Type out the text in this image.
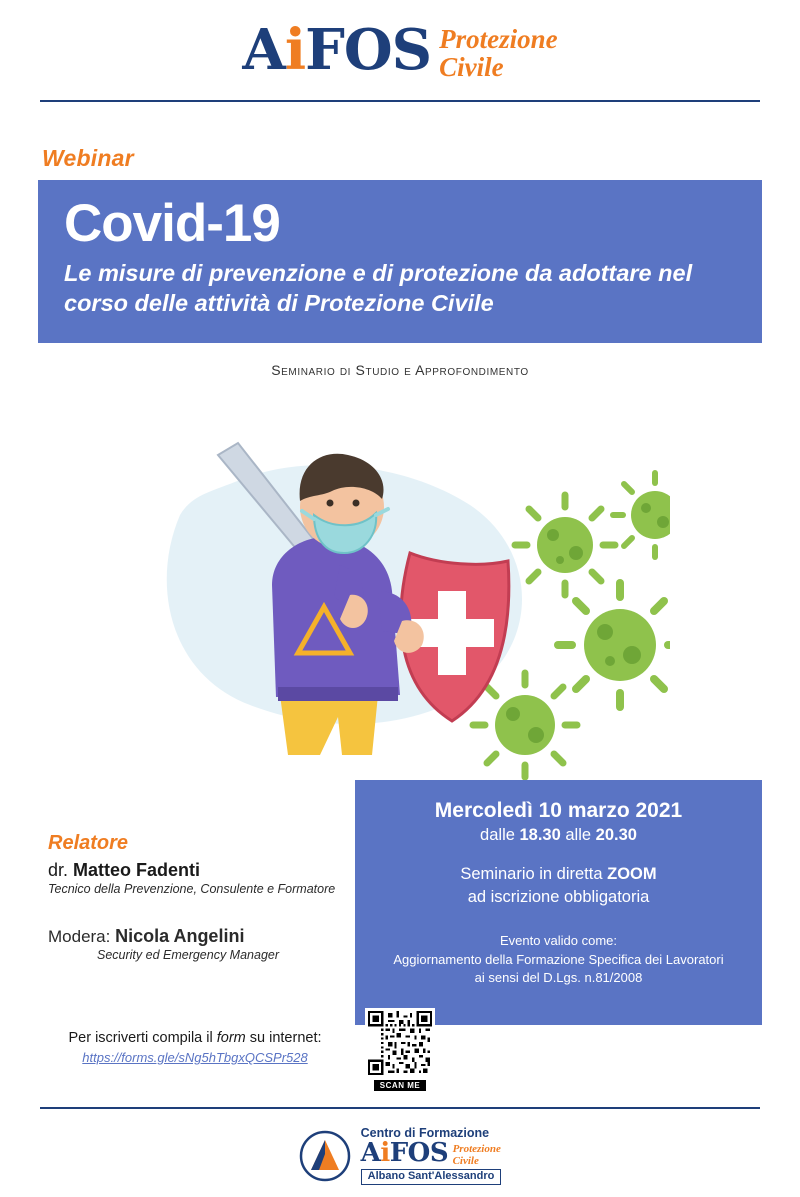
AiFOS Protezione
Civile
Webinar
Covid-19
Le misure di prevenzione e di protezione da adottare nel corso delle attività di Protezione Civile
Seminario di Studio e Approfondimento
Mercoledì 10 marzo 2021
dalle 18.30 alle 20.30
Seminario in diretta ZOOM
ad iscrizione obbligatoria
Evento valido come:
Aggiornamento della Formazione Specifica dei Lavoratori
ai sensi del D.Lgs. n.81/2008
SCAN ME
Relatore
dr. Matteo Fadenti
Tecnico della Prevenzione, Consulente e Formatore
Modera: Nicola Angelini
Security ed Emergency Manager
Per iscriverti compila il form su internet:
https://forms.gle/sNg5hTbgxQCSPr528
Centro di Formazione
AiFOS Protezione
Civile
Albano Sant'Alessandro
